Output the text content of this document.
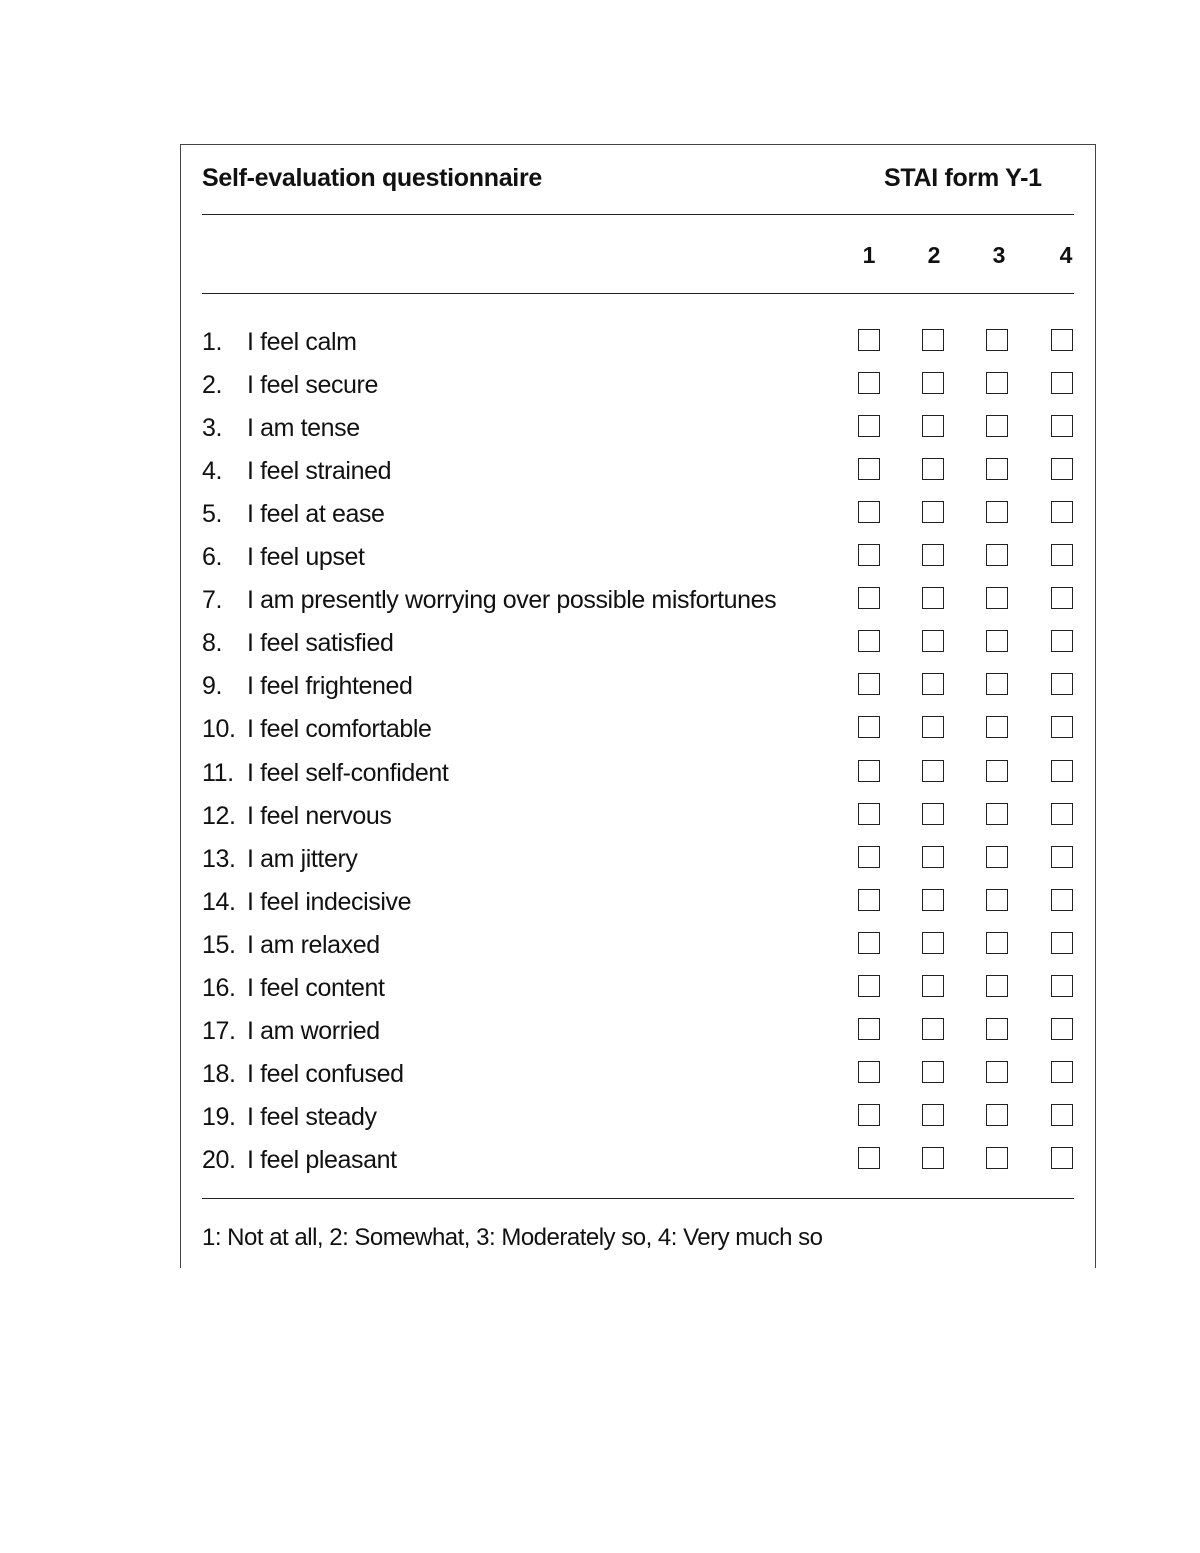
Self-evaluation questionnaire	STAI form Y-1
1	2	3	4
1. I feel calm
2. I feel secure
3. I am tense
4. I feel strained
5. I feel at ease
6. I feel upset
7. I am presently worrying over possible misfortunes
8. I feel satisfied
9. I feel frightened
10. I feel comfortable
11. I feel self-confident
12. I feel nervous
13. I am jittery
14. I feel indecisive
15. I am relaxed
16. I feel content
17. I am worried
18. I feel confused
19. I feel steady
20. I feel pleasant
1: Not at all, 2: Somewhat, 3: Moderately so, 4: Very much so
